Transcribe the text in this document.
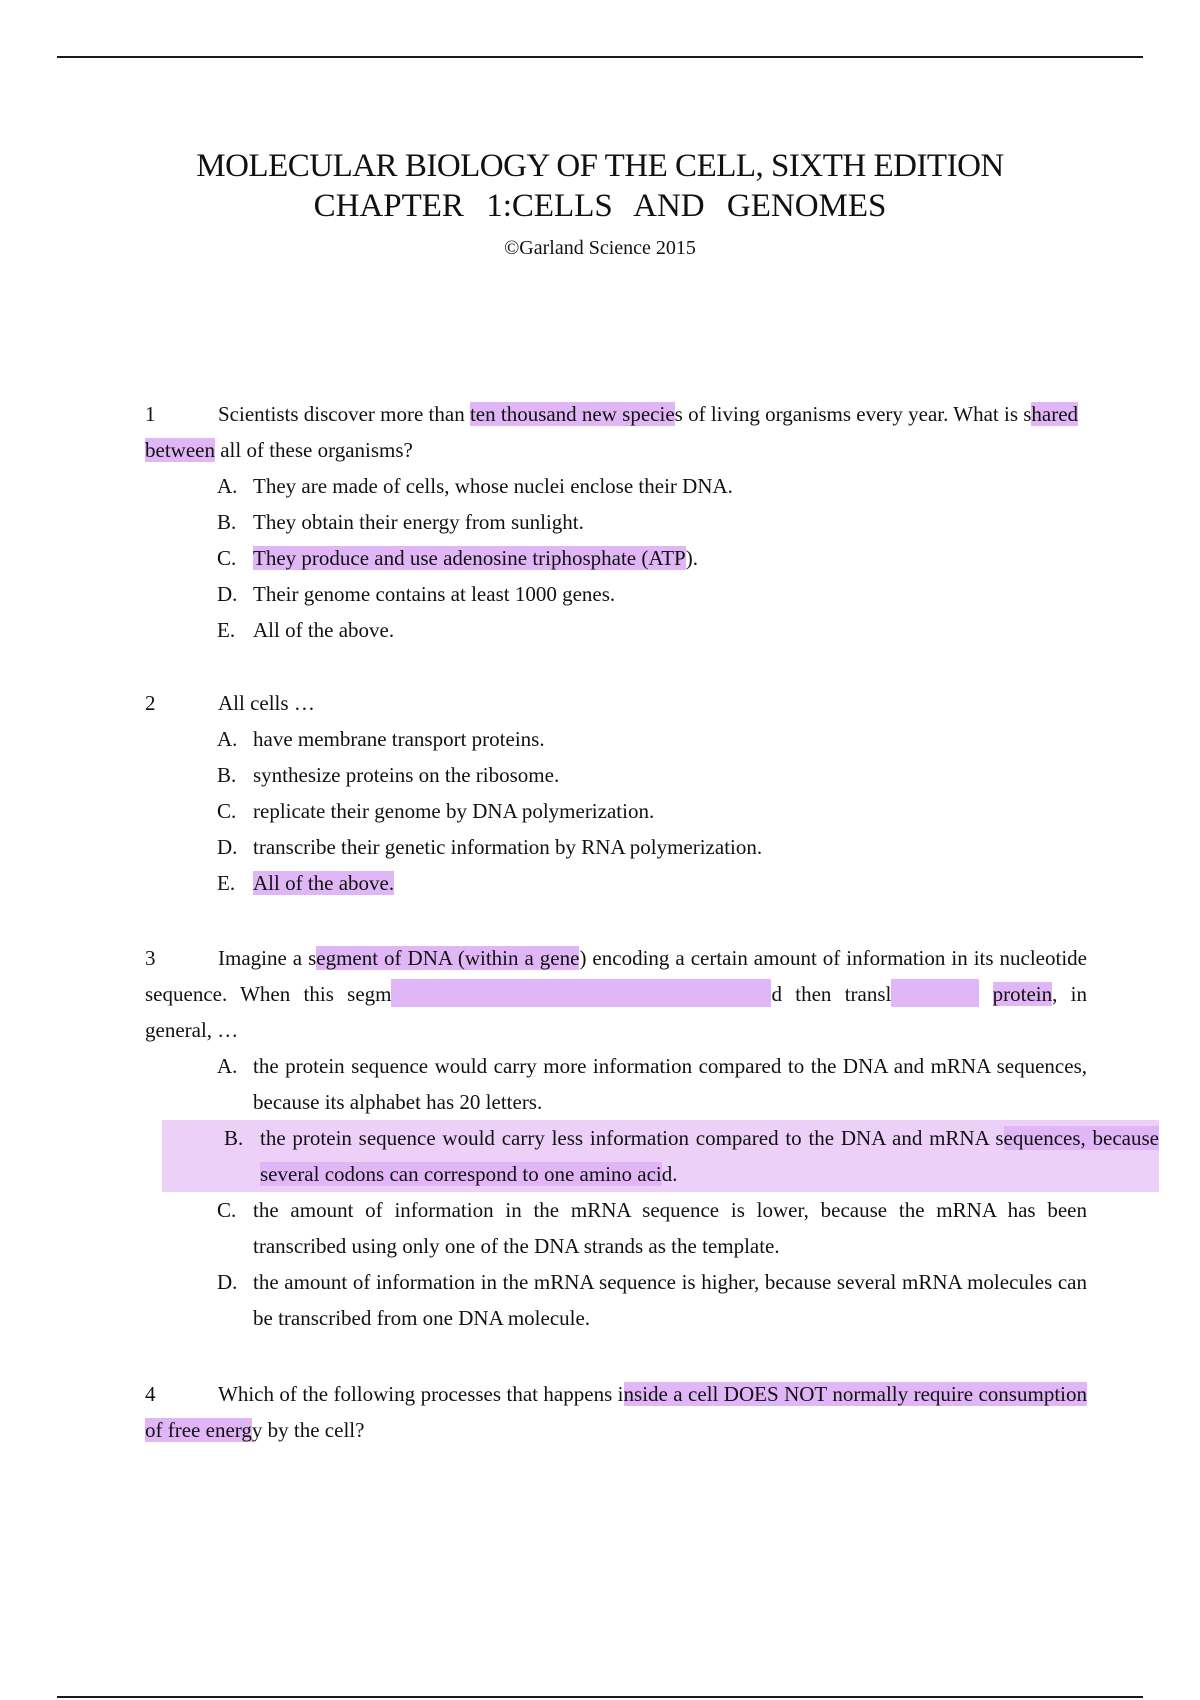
MOLECULAR BIOLOGY OF THE CELL, SIXTH EDITION
CHAPTER 1:CELLS AND GENOMES
©Garland Science 2015
1	Scientists discover more than ten thousand new species of living organisms every year. What is shared between all of these organisms?
A. They are made of cells, whose nuclei enclose their DNA.
B. They obtain their energy from sunlight.
C. They produce and use adenosine triphosphate (ATP).
D. Their genome contains at least 1000 genes.
E. All of the above.
2	All cells …
A. have membrane transport proteins.
B. synthesize proteins on the ribosome.
C. replicate their genome by DNA polymerization.
D. transcribe their genetic information by RNA polymerization.
E. All of the above.
3	Imagine a segment of DNA (within a gene) encoding a certain amount of information in its nucleotide sequence. When this segm	d then transl	protein, in general, …
A. the protein sequence would carry more information compared to the DNA and mRNA sequences, because its alphabet has 20 letters.
B. the protein sequence would carry less information compared to the DNA and mRNA sequences, because several codons can correspond to one amino acid.
C. the amount of information in the mRNA sequence is lower, because the mRNA has been transcribed using only one of the DNA strands as the template.
D. the amount of information in the mRNA sequence is higher, because several mRNA molecules can be transcribed from one DNA molecule.
4	Which of the following processes that happens inside a cell DOES NOT normally require consumption of free energy by the cell?
